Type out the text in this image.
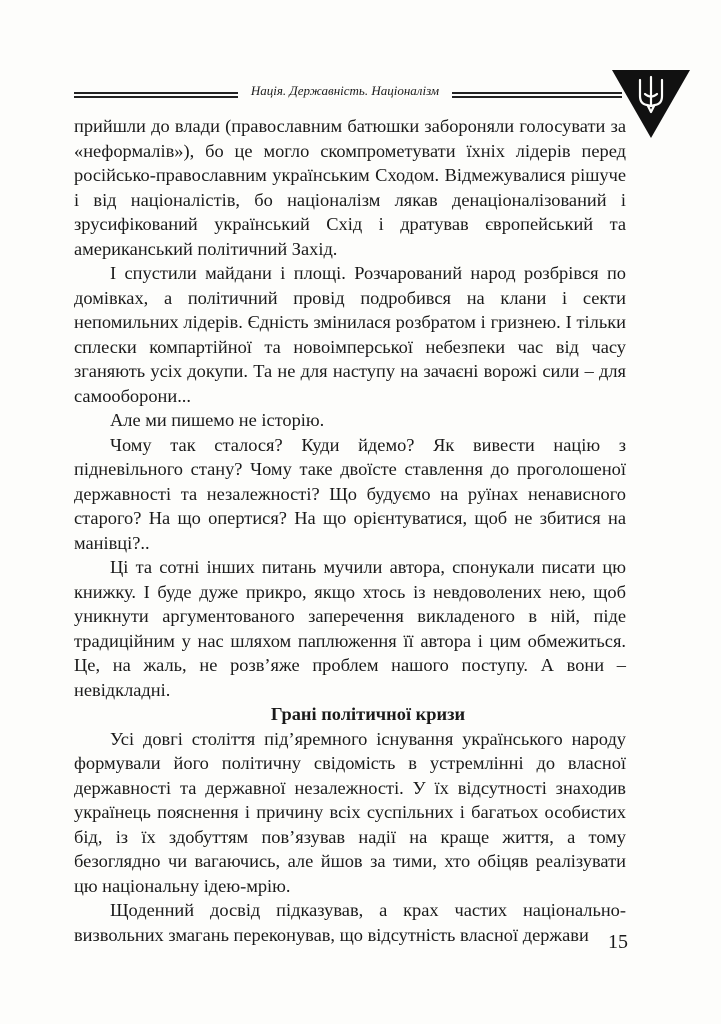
Нація. Державність. Націоналізм

прийшли до влади (православним батюшки забороняли голосувати за «неформалів»), бо це могло скомпрометувати їхніх лідерів перед російсько-православним українським Сходом. Відмежувалися рішуче і від націоналістів, бо націоналізм лякав денаціоналізований і зрусифікований український Схід і дратував європейський та американський політичний Захід.

І спустили майдани і площі. Розчарований народ розбрівся по домівках, а політичний провід подробився на клани і секти непомильних лідерів. Єдність змінилася розбратом і гризнею. І тільки сплески компартійної та новоімперської небезпеки час від часу зганяють усіх докупи. Та не для наступу на зачаєні ворожі сили – для самооборони...

Але ми пишемо не історію.

Чому так сталося? Куди йдемо? Як вивести націю з підневільного стану? Чому таке двоїсте ставлення до проголошеної державності та незалежності? Що будуємо на руїнах ненависного старого? На що опертися? На що орієнтуватися, щоб не збитися на манівці?..

Ці та сотні інших питань мучили автора, спонукали писати цю книжку. І буде дуже прикро, якщо хтось із невдоволених нею, щоб уникнути аргументованого заперечення викладеного в ній, піде традиційним у нас шляхом паплюження її автора і цим обмежиться. Це, на жаль, не розв’яже проблем нашого поступу. А вони – невідкладні.

Грані політичної кризи

Усі довгі століття під’яремного існування українського народу формували його політичну свідомість в устремлінні до власної державності та державної незалежності. У їх відсутності знаходив українець пояснення і причину всіх суспільних і багатьох особистих бід, із їх здобуттям пов’язував надії на краще життя, а тому безоглядно чи вагаючись, але йшов за тими, хто обіцяв реалізувати цю національну ідею-мрію.

Щоденний досвід підказував, а крах частих національно-визвольних змагань переконував, що відсутність власної держави 15
